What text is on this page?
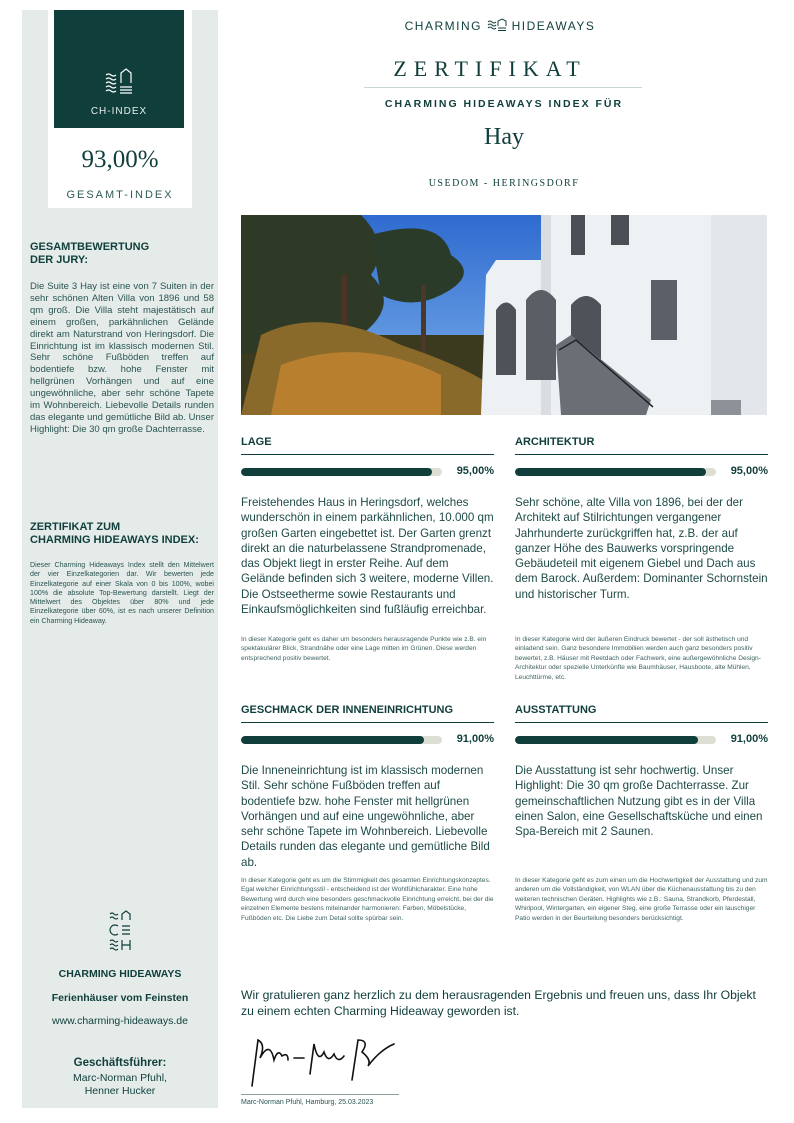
CH-INDEX
93,00%
GESAMT-INDEX
GESAMTBEWERTUNG
DER JURY:
Die Suite 3 Hay ist eine von 7 Suiten in der sehr schönen Alten Villa von 1896 und 58 qm groß. Die Villa steht majestätisch auf einem großen, parkähnlichen Gelände direkt am Naturstrand von Heringsdorf. Die Einrichtung ist im klassisch modernen Stil. Sehr schöne Fußböden treffen auf bodentiefe bzw. hohe Fenster mit hellgrünen Vorhängen und auf eine ungewöhnliche, aber sehr schöne Tapete im Wohnbereich. Liebevolle Details runden das elegante und gemütliche Bild ab. Unser Highlight: Die 30 qm große Dachterrasse.
ZERTIFIKAT ZUM
CHARMING HIDEAWAYS INDEX:
Dieser Charming Hideaways Index stellt den Mittelwert der vier Einzelkategorien dar. Wir bewerten jede Einzelkategorie auf einer Skala von 0 bis 100%, wobei 100% die absolute Top-Bewertung darstellt. Liegt der Mittelwert des Objektes über 80% und jede Einzelkategorie über 60%, ist es nach unserer Definition ein Charming Hideaway.
CHARMING HIDEAWAYS
Ferienhäuser vom Feinsten
www.charming-hideaways.de
Geschäftsführer:
Marc-Norman Pfuhl,
Henner Hucker
CHARMING HIDEAWAYS
ZERTIFIKAT
CHARMING HIDEAWAYS INDEX FÜR
Hay
USEDOM - HERINGSDORF
LAGE
95,00%
Freistehendes Haus in Heringsdorf, welches wunderschön in einem parkähnlichen, 10.000 qm großen Garten eingebettet ist. Der Garten grenzt direkt an die naturbelassene Strandpromenade, das Objekt liegt in erster Reihe. Auf dem Gelände befinden sich 3 weitere, moderne Villen. Die Ostseetherme sowie Restaurants und Einkaufsmöglichkeiten sind fußläufig erreichbar.
In dieser Kategorie geht es daher um besonders herausragende Punkte wie z.B. ein spektakulärer Blick, Strandnähe oder eine Lage mitten im Grünen. Diese werden entsprechend positiv bewertet.
ARCHITEKTUR
95,00%
Sehr schöne, alte Villa von 1896, bei der der Architekt auf Stilrichtungen vergangener Jahrhunderte zurückgriffen hat, z.B. der auf ganzer Höhe des Bauwerks vorspringende Gebäudeteil mit eigenem Giebel und Dach aus dem Barock. Außerdem: Dominanter Schornstein und historischer Turm.
In dieser Kategorie wird der äußeren Eindruck bewertet - der soll ästhetisch und einladend sein. Ganz besondere Immobilien werden auch ganz besonders positiv bewertet, z.B. Häuser mit Reetdach oder Fachwerk, eine außergewöhnliche Design-Architektur oder spezielle Unterkünfte wie Baumhäuser, Hausboote, alte Mühlen, Leuchttürme, etc.
GESCHMACK DER INNENEINRICHTUNG
91,00%
Die Inneneinrichtung ist im klassisch modernen Stil. Sehr schöne Fußböden treffen auf bodentiefe bzw. hohe Fenster mit hellgrünen Vorhängen und auf eine ungewöhnliche, aber sehr schöne Tapete im Wohnbereich. Liebevolle Details runden das elegante und gemütliche Bild ab.
In dieser Kategorie geht es um die Stimmigkeit des gesamten Einrichtungskonzeptes. Egal welcher Einrichtungsstil - entscheidend ist der Wohlfühlcharakter. Eine hohe Bewertung wird durch eine besonders geschmackvolle Einrichtung erreicht, bei der die einzelnen Elemente bestens miteinander harmonieren: Farben, Möbelstücke, Fußböden etc. Die Liebe zum Detail sollte spürbar sein.
AUSSTATTUNG
91,00%
Die Ausstattung ist sehr hochwertig. Unser Highlight: Die 30 qm große Dachterrasse. Zur gemeinschaftlichen Nutzung gibt es in der Villa einen Salon, eine Gesellschaftsküche und einen Spa-Bereich mit 2 Saunen.
In dieser Kategorie geht es zum einen um die Hochwertigkeit der Ausstattung und zum anderen um die Vollständigkeit, von WLAN über die Küchenausstattung bis zu den weiteren technischen Geräten. Highlights wie z.B.: Sauna, Strandkorb, Pferdestall, Whirlpool, Wintergarten, ein eigener Steg, eine große Terrasse oder ein lauschiger Patio werden in der Beurteilung besonders berücksichtigt.
Wir gratulieren ganz herzlich zu dem herausragenden Ergebnis und freuen uns, dass Ihr Objekt zu einem echten Charming Hideaway geworden ist.
Marc-Norman Pfuhl, Hamburg, 25.03.2023
